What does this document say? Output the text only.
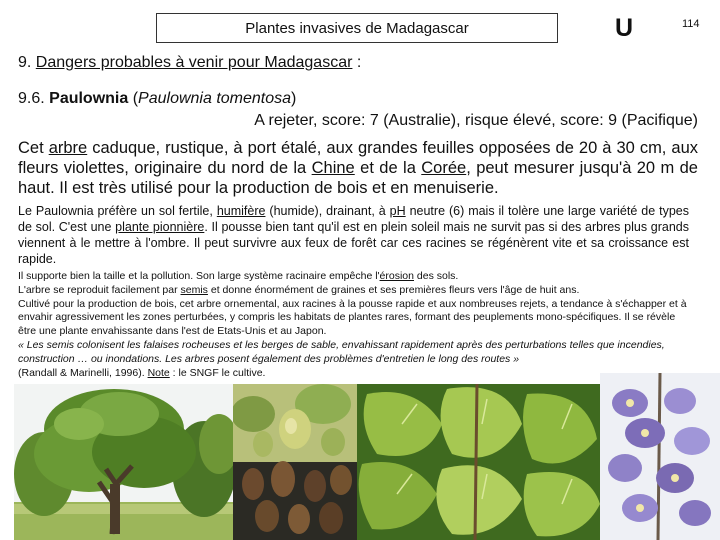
Plantes invasives de Madagascar	U	114
9. Dangers probables à venir pour Madagascar :
9.6. Paulownia (Paulownia tomentosa)
A rejeter, score: 7 (Australie), risque élevé, score: 9 (Pacifique)
Cet arbre caduque, rustique, à port étalé, aux grandes feuilles opposées de 20 à 30 cm, aux fleurs violettes, originaire du nord de la Chine et de la Corée, peut mesurer jusqu'à 20 m de haut. Il est très utilisé pour la production de bois et en menuiserie.
Le Paulownia préfère un sol fertile, humifère (humide), drainant, à pH neutre (6) mais il tolère une large variété de types de sol. C'est une plante pionnière. Il pousse bien tant qu'il est en plein soleil mais ne survit pas si des arbres plus grands viennent à le mettre à l'ombre. Il peut survivre aux feux de forêt car ces racines se régénèrent vite et sa croissance est rapide.

Il supporte bien la taille et la pollution. Son large système racinaire empêche l'érosion des sols.

L'arbre se reproduit facilement par semis et donne énormément de graines et ses premières fleurs vers l'âge de huit ans.

Cultivé pour la production de bois, cet arbre ornemental, aux racines à la pousse rapide et aux nombreuses rejets, a tendance à s'échapper et à envahir agressivement les zones perturbées, y compris les habitats de plantes rares, formant des peuplements mono-spécifiques. Il se révèle être une plante envahissante dans l'est de Etats-Unis et au Japon.

« Les semis colonisent les falaises rocheuses et les berges de sable, envahissant rapidement après des perturbations telles que incendies, construction … ou inondations. Les arbres posent également des problèmes d'entretien le long des routes »

(Randall & Marinelli, 1996). Note : le SNGF le cultive.
